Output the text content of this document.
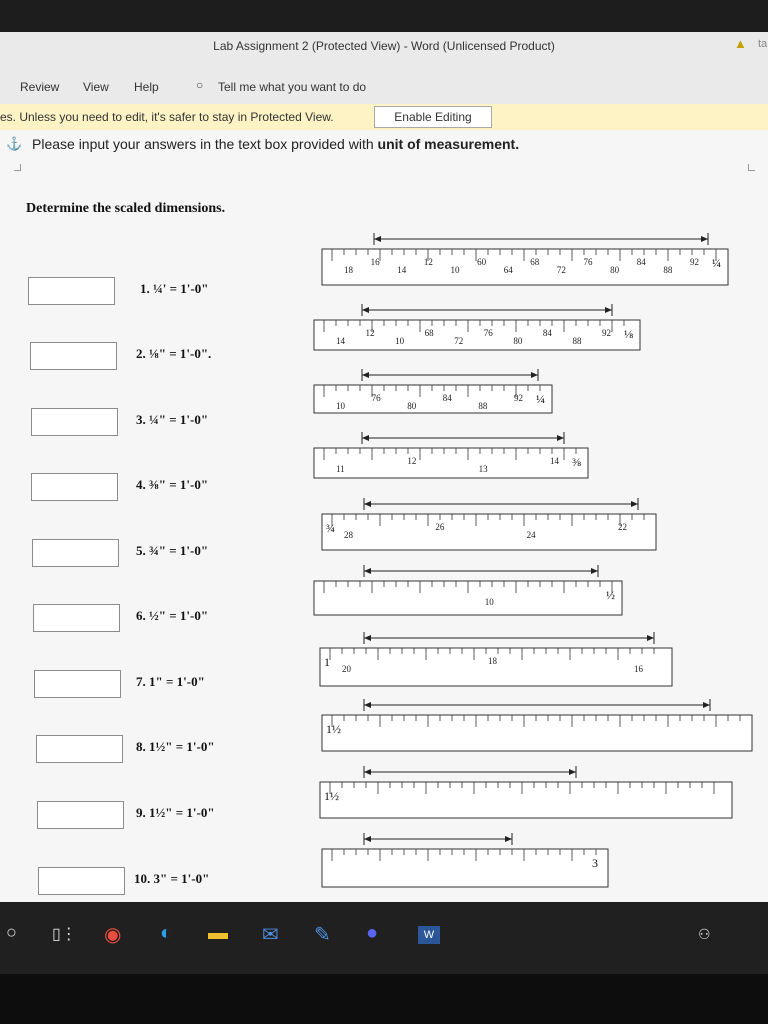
Lab Assignment 2 (Protected View) - Word (Unlicensed Product)	▲ ta
Review View Help	○ Tell me what you want to do
es. Unless you need to edit, it's safer to stay in Protected View.	Enable Editing
⚓ Please input your answers in the text box provided with unit of measurement.
Determine the scaled dimensions.
1. ¼' = 1'-0"
2. ⅛" = 1'-0".
3. ¼" = 1'-0"
4. ⅜" = 1'-0"
5. ¾" = 1'-0"
6. ½" = 1'-0"
7. 1" = 1'-0"
8. 1½" = 1'-0"
9. 1½" = 1'-0"
10. 3" = 1'-0"
¼
18
16
14
12
10
60
64
68
72
76
80
84
88
92
⅛
14
12
10
68
72
76
80
84
88
92
¼
10
76
80
84
88
92
⅜
11
12
13
14
¾ 28
26
24
22
½
10
1 20
18
16
1½
1½
3
○ ▯⋮ ◉ ◐ ▬ ✉ ✎ ●	W	⚇
